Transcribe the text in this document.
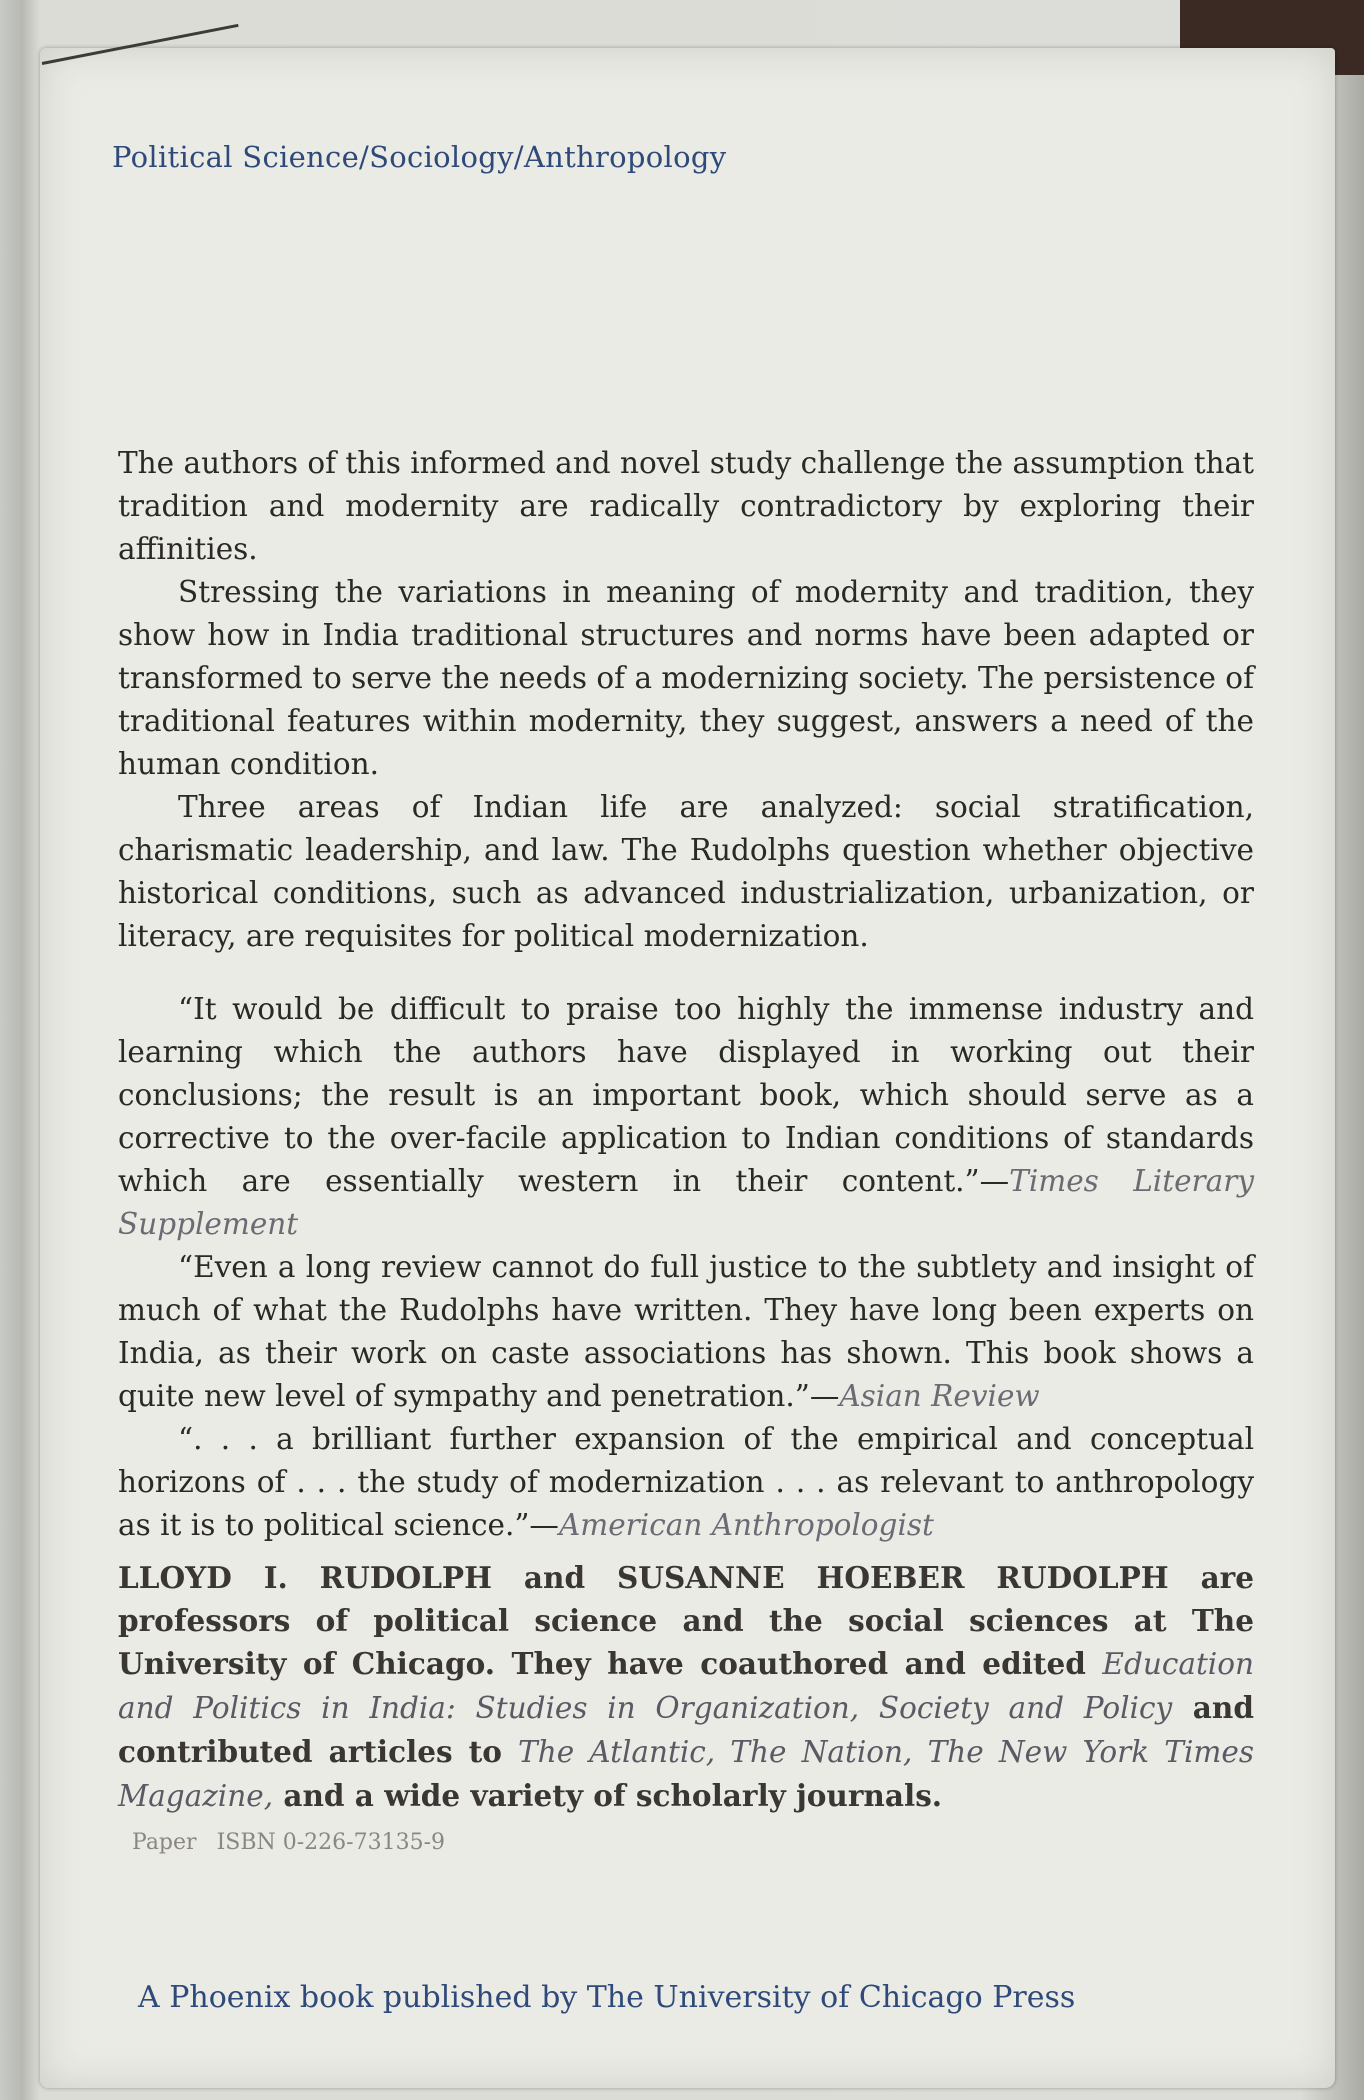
Political Science/Sociology/Anthropology

The authors of this informed and novel study challenge the assumption that tradition and modernity are radically contradictory by exploring their affinities.

Stressing the variations in meaning of modernity and tradition, they show how in India traditional structures and norms have been adapted or transformed to serve the needs of a modernizing society. The persistence of traditional features within modernity, they suggest, answers a need of the human condition.

Three areas of Indian life are analyzed: social stratification, charismatic leadership, and law. The Rudolphs question whether objective historical conditions, such as advanced industrialization, urbanization, or literacy, are requisites for political modernization.

“It would be difficult to praise too highly the immense industry and learning which the authors have displayed in working out their conclusions; the result is an important book, which should serve as a corrective to the over-facile application to Indian conditions of standards which are essentially western in their content.”—Times Literary Supplement

“Even a long review cannot do full justice to the subtlety and insight of much of what the Rudolphs have written. They have long been experts on India, as their work on caste associations has shown. This book shows a quite new level of sympathy and penetration.”—Asian Review

“. . . a brilliant further expansion of the empirical and conceptual horizons of . . . the study of modernization . . . as relevant to anthropology as it is to political science.”—American Anthropologist

LLOYD I. RUDOLPH and SUSANNE HOEBER RUDOLPH are professors of political science and the social sciences at The University of Chicago. They have coauthored and edited Education and Politics in India: Studies in Organization, Society and Policy and contributed articles to The Atlantic, The Nation, The New York Times Magazine, and a wide variety of scholarly journals.

Paper ISBN 0-226-73135-9
A Phoenix book published by The University of Chicago Press
